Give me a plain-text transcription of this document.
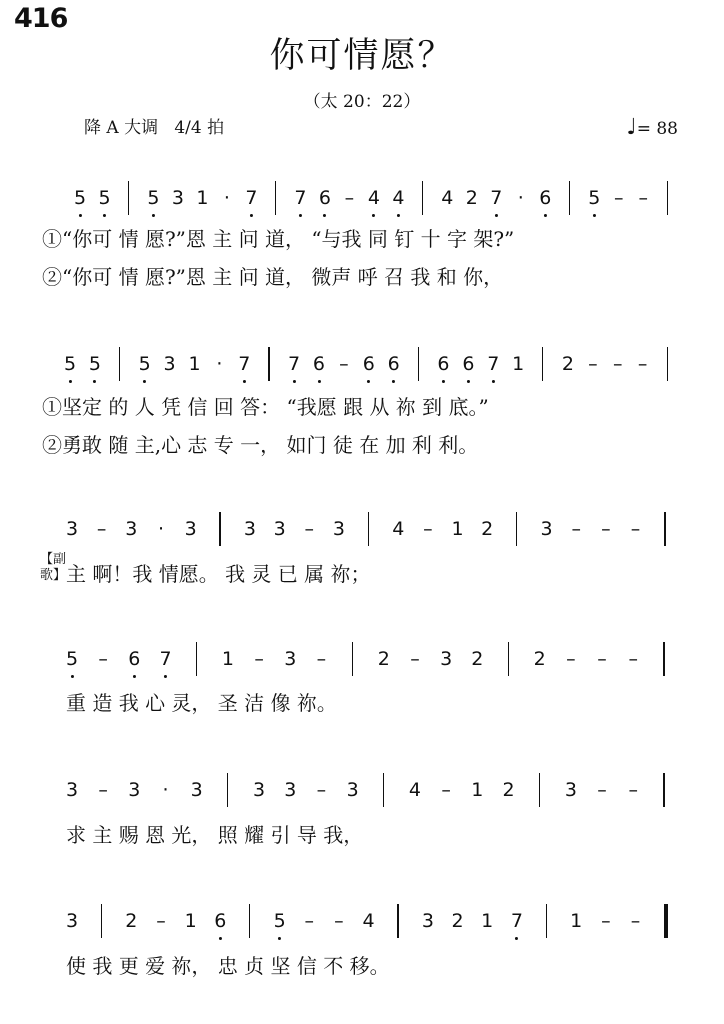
416
你可情愿？
（太 20：22）
降 A 大调 4/4 拍	♩= 88
5 5 5 3 1 · 7 7 6 – 4 4 4 2 7 · 6 5 – –
5 5 5 3 1 · 7 7 6 – 6 6 6 6 7 1 2 – – –
3 – 3 · 3 3 3 – 3 4 – 1 2 3 – – –
5 – 6 7	1 – 3 –	2 – 3 2	2 – – –
3 – 3 · 3	3 3 – 3	4 – 1 2	3 – –
3 2 – 1 6 5 – – 4 3 2 1 7 1 – –
①“你可 情 愿?”恩 主 问 道， “与我 同 钉 十 字 架?”
②“你可 情 愿?”恩 主 问 道， 微声 呼 召 我 和 你，
①坚定 的 人 凭 信 回 答： “我愿 跟 从 祢 到 底。”
②勇敢 随 主,心 志 专 一， 如门 徒 在 加 利 利。
主 啊！我 情愿。 我 灵 已 属 祢；
重 造 我 心 灵， 圣 洁 像 祢。
求 主 赐 恩 光， 照 耀 引 导 我，
使 我 更 爱 祢， 忠 贞 坚 信 不 移。
【副歌】
